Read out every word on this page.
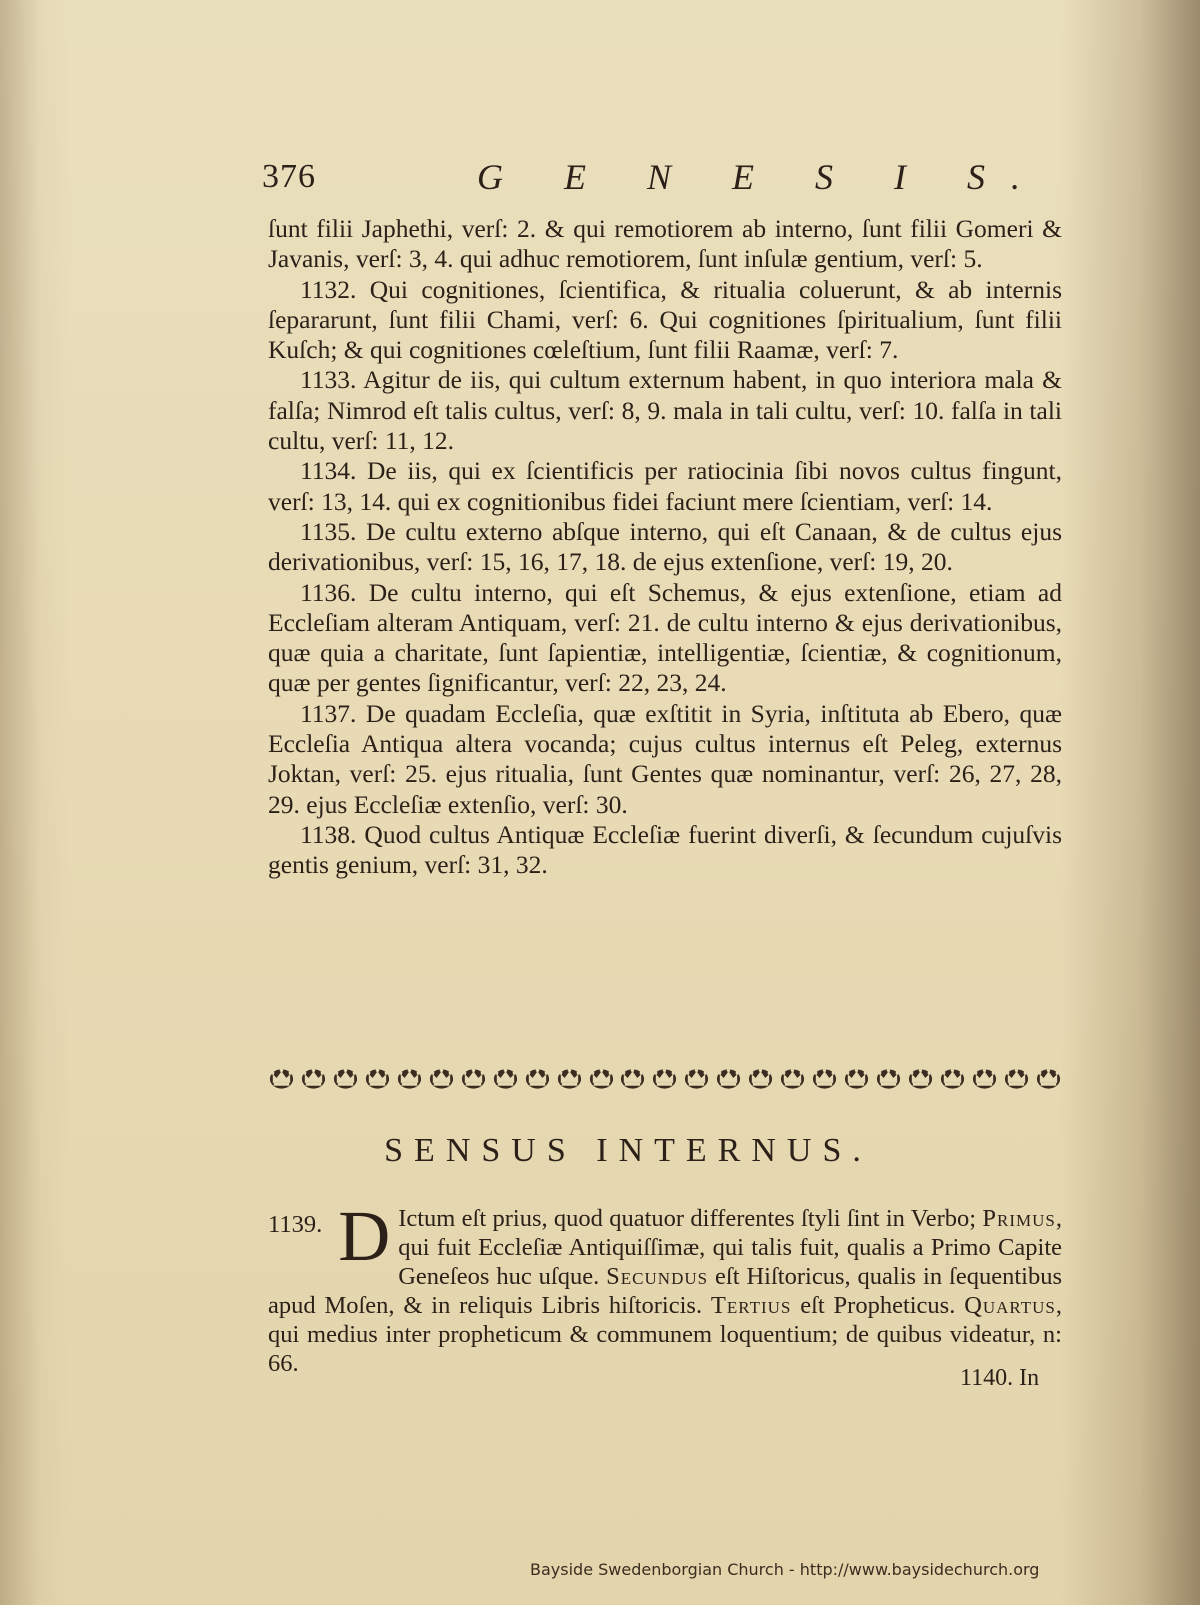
376	G E N E S I S.

ſunt filii Japhethi, verſ: 2. & qui remotiorem ab interno, ſunt filii Gomeri & Javanis, verſ: 3, 4. qui adhuc remotiorem, ſunt inſulæ gentium, verſ: 5.

1132. Qui cognitiones, ſcientifica, & ritualia coluerunt, & ab internis ſepararunt, ſunt filii Chami, verſ: 6. Qui cognitiones ſpiritualium, ſunt filii Kuſch; & qui cognitiones cœleſtium, ſunt filii Raamæ, verſ: 7.

1133. Agitur de iis, qui cultum externum habent, in quo interiora mala & falſa; Nimrod eſt talis cultus, verſ: 8, 9. mala in tali cultu, verſ: 10. falſa in tali cultu, verſ: 11, 12.

1134. De iis, qui ex ſcientificis per ratiocinia ſibi novos cultus fingunt, verſ: 13, 14. qui ex cognitionibus fidei faciunt mere ſcientiam, verſ: 14.

1135. De cultu externo abſque interno, qui eſt Canaan, & de cultus ejus derivationibus, verſ: 15, 16, 17, 18. de ejus extenſione, verſ: 19, 20.

1136. De cultu interno, qui eſt Schemus, & ejus extenſione, etiam ad Eccleſiam alteram Antiquam, verſ: 21. de cultu interno & ejus derivationibus, quæ quia a charitate, ſunt ſapientiæ, intelligentiæ, ſcientiæ, & cognitionum, quæ per gentes ſignificantur, verſ: 22, 23, 24.

1137. De quadam Eccleſia, quæ exſtitit in Syria, inſtituta ab Ebero, quæ Eccleſia Antiqua altera vocanda; cujus cultus internus eſt Peleg, externus Joktan, verſ: 25. ejus ritualia, ſunt Gentes quæ nominantur, verſ: 26, 27, 28, 29. ejus Eccleſiæ extenſio, verſ: 30.

1138. Quod cultus Antiquæ Eccleſiæ fuerint diverſi, & ſecundum cujuſvis gentis genium, verſ: 31, 32.

SENSUS INTERNUS.
1139. D Ictum eſt prius, quod quatuor differentes ſtyli ſint in Verbo; Primus, qui fuit Eccleſiæ Antiquiſſimæ, qui talis fuit, qualis a Primo Capite Geneſeos huc uſque. Secundus eſt Hiſtoricus, qualis in ſequentibus apud Moſen, & in reliquis Libris hiſtoricis. Tertius eſt Propheticus. Quartus, qui medius inter propheticum & communem loquentium; de quibus videatur, n: 66.
1140. In
Bayside Swedenborgian Church - http://www.baysidechurch.org
